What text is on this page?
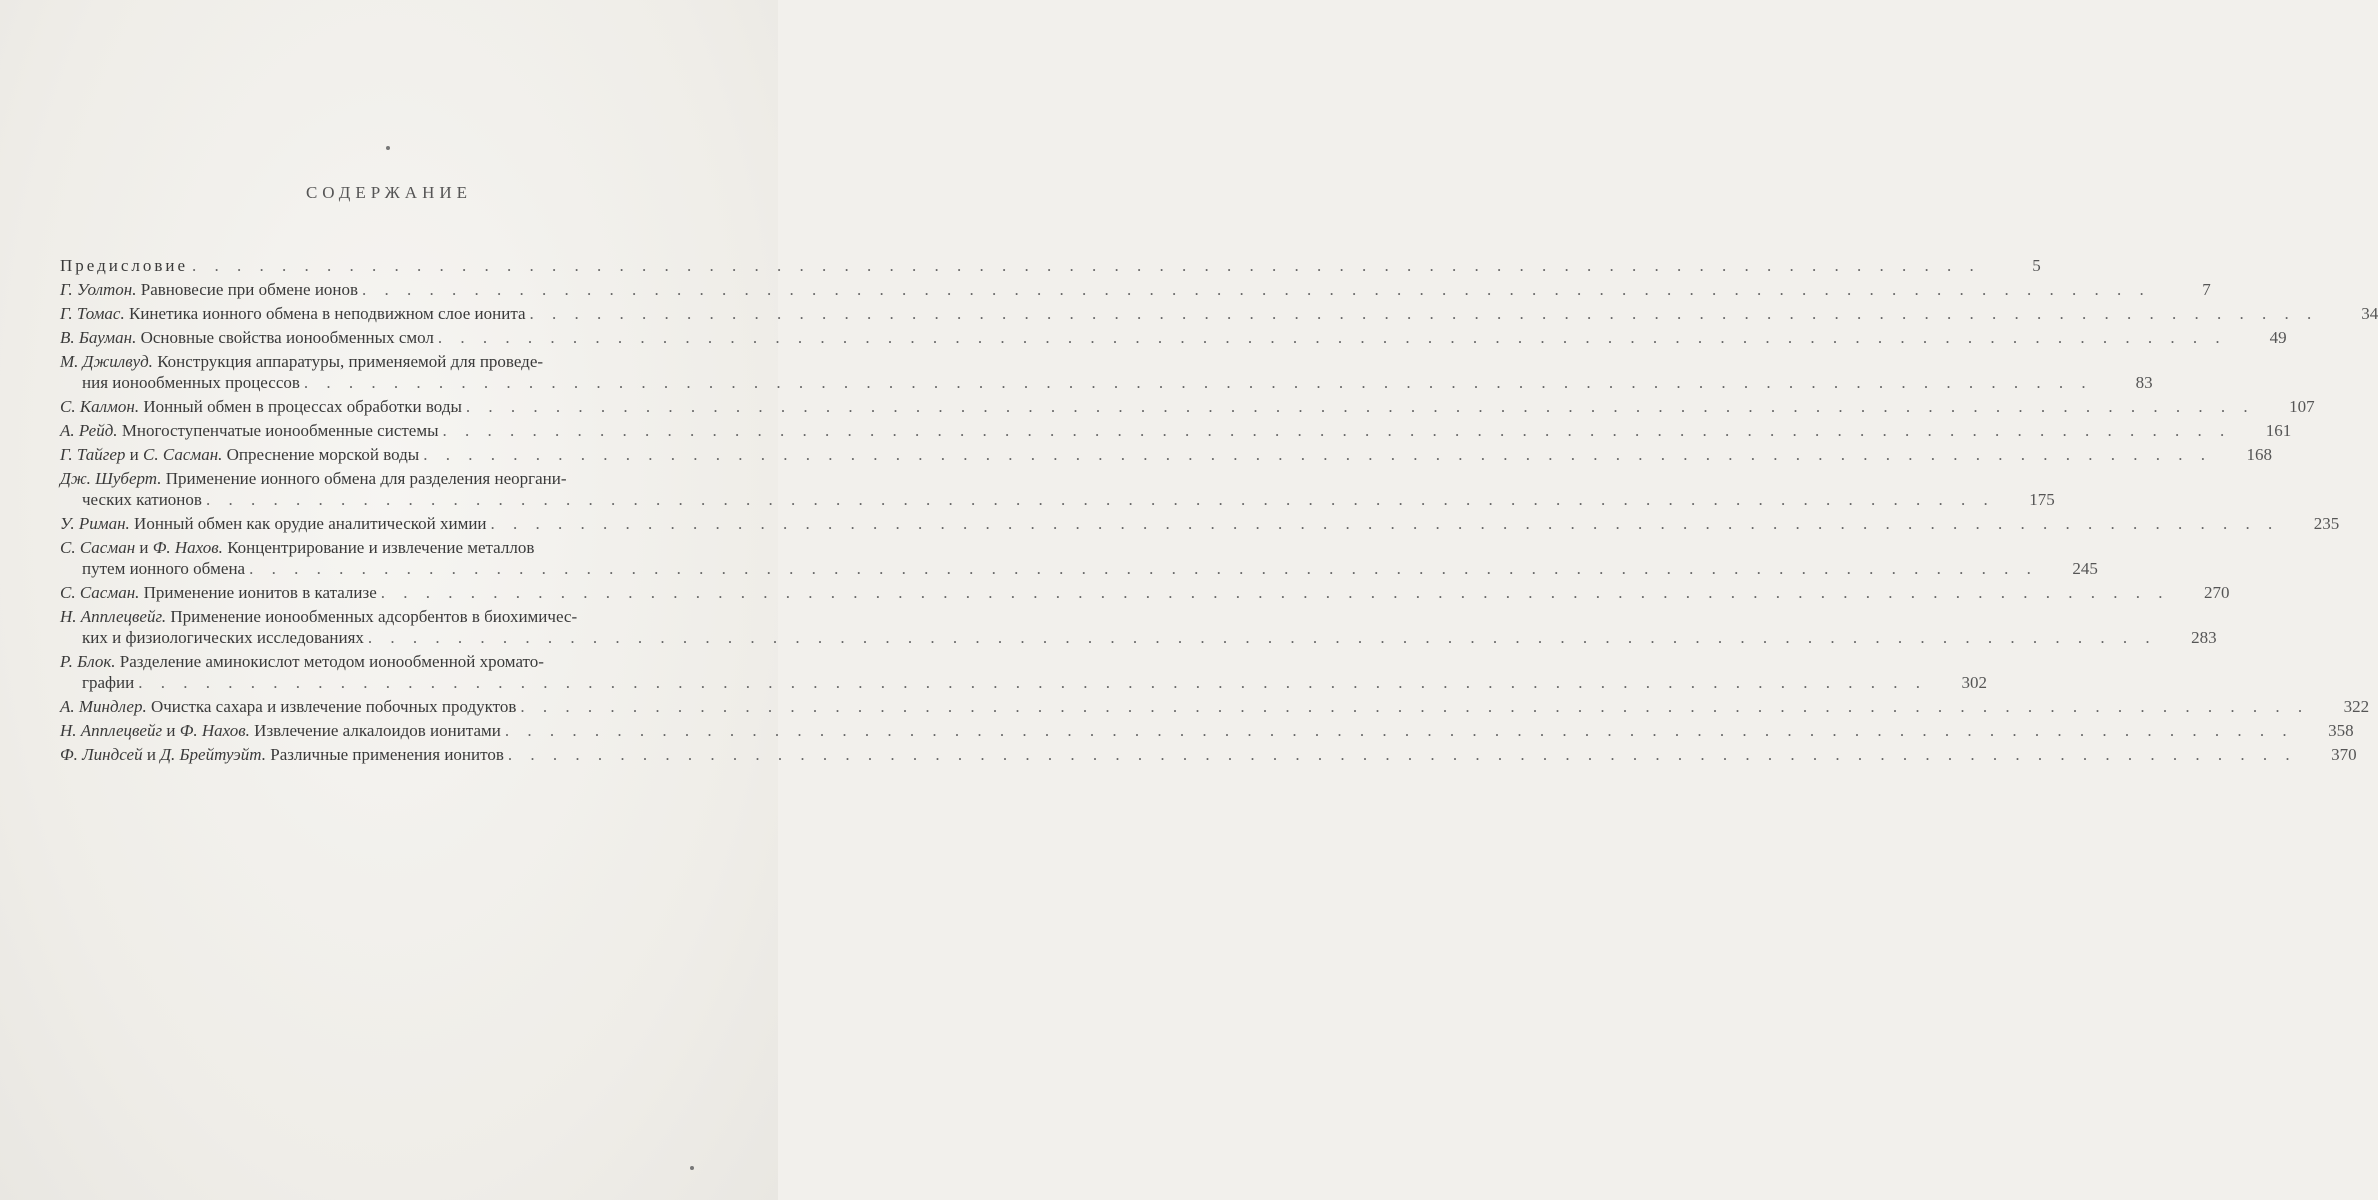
СОДЕРЖАНИЕ
Предисловие . . . . . . . . . . . . . . . . . . . . . . . . . . . . . . . . . . . . . . . . . . . . . . . . . . . . . . . . . . . . . . . . . . . . . . . . . . . . . . . .	5
Г. Уолтон. Равновесие при обмене ионов . . . . . . . . . . . . . . . . . . . . . . . . . . . . . . . . . . . . . . . . . . . . . . . . . . . . . . . . . . . . . . . . . . . . . . . . . . . . . . . .	7
Г. Томас. Кинетика ионного обмена в неподвижном слое ионита . . . . . . . . . . . . . . . . . . . . . . . . . . . . . . . . . . . . . . . . . . . . . . . . . . . . . . . . . . . . . . . . . . . . . . . . . . . . . . . .	34
В. Бауман. Основные свойства ионообменных смол . . . . . . . . . . . . . . . . . . . . . . . . . . . . . . . . . . . . . . . . . . . . . . . . . . . . . . . . . . . . . . . . . . . . . . . . . . . . . . . .	49
М. Джилвуд. Конструкция аппаратуры, применяемой для проведе-
ния ионообменных процессов . . . . . . . . . . . . . . . . . . . . . . . . . . . . . . . . . . . . . . . . . . . . . . . . . . . . . . . . . . . . . . . . . . . . . . . . . . . . . . . .	83
С. Калмон. Ионный обмен в процессах обработки воды . . . . . . . . . . . . . . . . . . . . . . . . . . . . . . . . . . . . . . . . . . . . . . . . . . . . . . . . . . . . . . . . . . . . . . . . . . . . . . . .	107
А. Рейд. Многоступенчатые ионообменные системы . . . . . . . . . . . . . . . . . . . . . . . . . . . . . . . . . . . . . . . . . . . . . . . . . . . . . . . . . . . . . . . . . . . . . . . . . . . . . . . .	161
Г. Тайгер и С. Сасман. Опреснение морской воды . . . . . . . . . . . . . . . . . . . . . . . . . . . . . . . . . . . . . . . . . . . . . . . . . . . . . . . . . . . . . . . . . . . . . . . . . . . . . . . .	168
Дж. Шуберт. Применение ионного обмена для разделения неоргани-
ческих катионов . . . . . . . . . . . . . . . . . . . . . . . . . . . . . . . . . . . . . . . . . . . . . . . . . . . . . . . . . . . . . . . . . . . . . . . . . . . . . . . .	175
У. Риман. Ионный обмен как орудие аналитической химии . . . . . . . . . . . . . . . . . . . . . . . . . . . . . . . . . . . . . . . . . . . . . . . . . . . . . . . . . . . . . . . . . . . . . . . . . . . . . . . .	235
С. Сасман и Ф. Нахов. Концентрирование и извлечение металлов
путем ионного обмена . . . . . . . . . . . . . . . . . . . . . . . . . . . . . . . . . . . . . . . . . . . . . . . . . . . . . . . . . . . . . . . . . . . . . . . . . . . . . . . .	245
С. Сасман. Применение ионитов в катализе . . . . . . . . . . . . . . . . . . . . . . . . . . . . . . . . . . . . . . . . . . . . . . . . . . . . . . . . . . . . . . . . . . . . . . . . . . . . . . . .	270
Н. Апплецвейг. Применение ионообменных адсорбентов в биохимичес-
ких и физиологических исследованиях . . . . . . . . . . . . . . . . . . . . . . . . . . . . . . . . . . . . . . . . . . . . . . . . . . . . . . . . . . . . . . . . . . . . . . . . . . . . . . . .	283
Р. Блок. Разделение аминокислот методом ионообменной хромато-
графии . . . . . . . . . . . . . . . . . . . . . . . . . . . . . . . . . . . . . . . . . . . . . . . . . . . . . . . . . . . . . . . . . . . . . . . . . . . . . . . .	302
А. Миндлер. Очистка сахара и извлечение побочных продуктов . . . . . . . . . . . . . . . . . . . . . . . . . . . . . . . . . . . . . . . . . . . . . . . . . . . . . . . . . . . . . . . . . . . . . . . . . . . . . . . .	322
Н. Апплецвейг и Ф. Нахов. Извлечение алкалоидов ионитами . . . . . . . . . . . . . . . . . . . . . . . . . . . . . . . . . . . . . . . . . . . . . . . . . . . . . . . . . . . . . . . . . . . . . . . . . . . . . . . .	358
Ф. Линдсей и Д. Брейтуэйт. Различные применения ионитов . . . . . . . . . . . . . . . . . . . . . . . . . . . . . . . . . . . . . . . . . . . . . . . . . . . . . . . . . . . . . . . . . . . . . . . . . . . . . . . .	370
